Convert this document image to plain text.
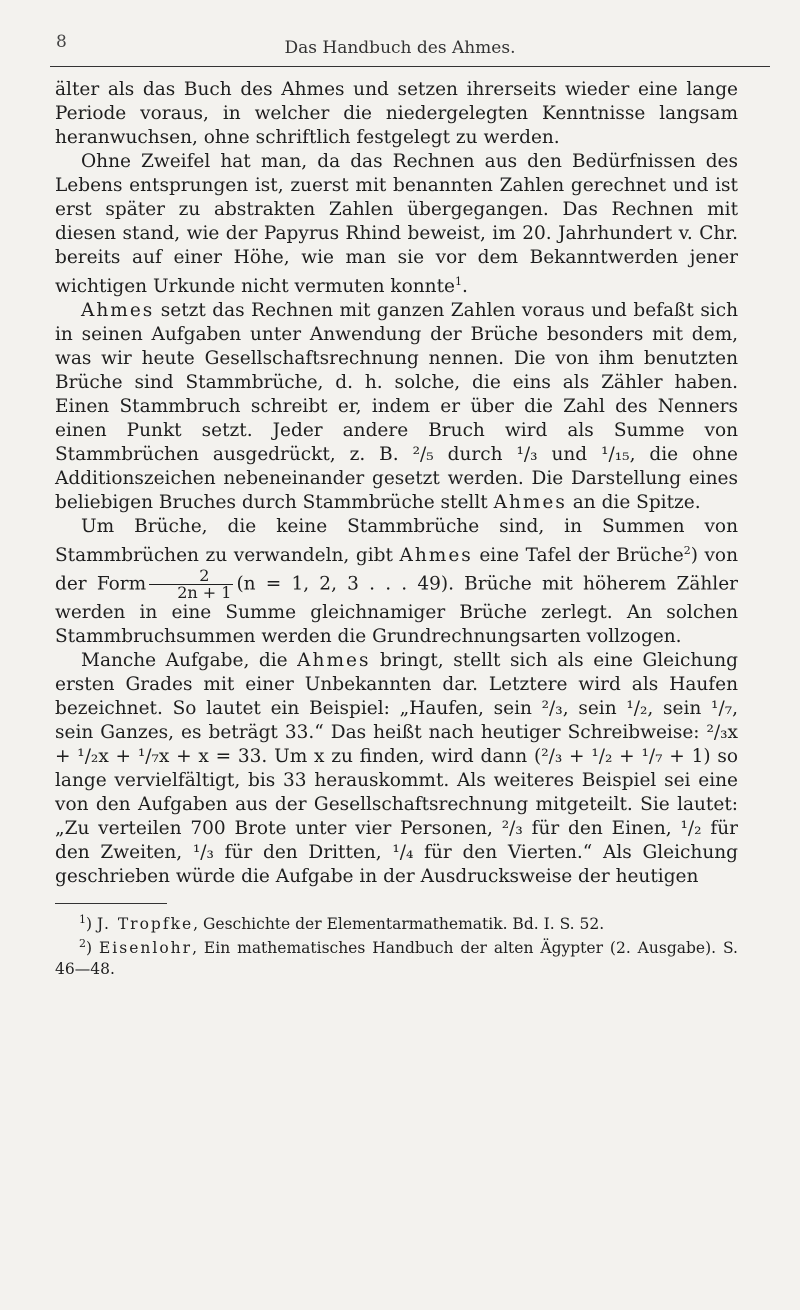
8	Das Handbuch des Ahmes.

älter als das Buch des Ahmes und setzen ihrerseits wieder eine lange Periode voraus, in welcher die niedergelegten Kenntnisse langsam heranwuchsen, ohne schriftlich festgelegt zu werden.

Ohne Zweifel hat man, da das Rechnen aus den Bedürfnissen des Lebens entsprungen ist, zuerst mit benannten Zahlen gerechnet und ist erst später zu abstrakten Zahlen übergegangen. Das Rechnen mit diesen stand, wie der Papyrus Rhind beweist, im 20. Jahrhundert v. Chr. bereits auf einer Höhe, wie man sie vor dem Bekanntwerden jener wichtigen Urkunde nicht vermuten konnte$^1$.

Ahmes setzt das Rechnen mit ganzen Zahlen voraus und befaßt sich in seinen Aufgaben unter Anwendung der Brüche besonders mit dem, was wir heute Gesellschaftsrechnung nennen. Die von ihm benutzten Brüche sind Stammbrüche, d. h. solche, die eins als Zähler haben. Einen Stammbruch schreibt er, indem er über die Zahl des Nenners einen Punkt setzt. Jeder andere Bruch wird als Summe von Stammbrüchen ausgedrückt, z. B. ²/₅ durch ¹/₃ und ¹/₁₅, die ohne Additionszeichen nebeneinander gesetzt werden. Die Darstellung eines beliebigen Bruches durch Stammbrüche stellt Ahmes an die Spitze.

Um Brüche, die keine Stammbrüche sind, in Summen von Stammbrüchen zu verwandeln, gibt Ahmes eine Tafel der Brüche$^2$) von der Form $\frac{2}{2n + 1} (n = 1$, 2, 3 . . . 49). Brüche mit höherem Zähler werden in eine Summe gleichnamiger Brüche zerlegt. An solchen Stammbruchsummen werden die Grundrechnungsarten vollzogen.

Manche Aufgabe, die Ahmes bringt, stellt sich als eine Gleichung ersten Grades mit einer Unbekannten dar. Letztere wird als Haufen bezeichnet. So lautet ein Beispiel: „Haufen, sein ²/₃, sein ¹/₂, sein ¹/₇, sein Ganzes, es beträgt 33.“ Das heißt nach heutiger Schreibweise: ²/₃x + ¹/₂x + ¹/₇x + x = 33. Um x zu finden, wird dann (²/₃ + ¹/₂ + ¹/₇ + 1) so lange vervielfältigt, bis 33 herauskommt. Als weiteres Beispiel sei eine von den Aufgaben aus der Gesellschaftsrechnung mitgeteilt. Sie lautet: „Zu verteilen 700 Brote unter vier Personen, ²/₃ für den Einen, ¹/₂ für den Zweiten, ¹/₃ für den Dritten, ¹/₄ für den Vierten.“ Als Gleichung geschrieben würde die Aufgabe in der Ausdrucksweise der heutigen

$^1$) J. Tropfke, Geschichte der Elementarmathematik. Bd. I. S. 52.

$^2$) Eisenlohr, Ein mathematisches Handbuch der alten Ägypter (2. Ausgabe). S. 46—48.
